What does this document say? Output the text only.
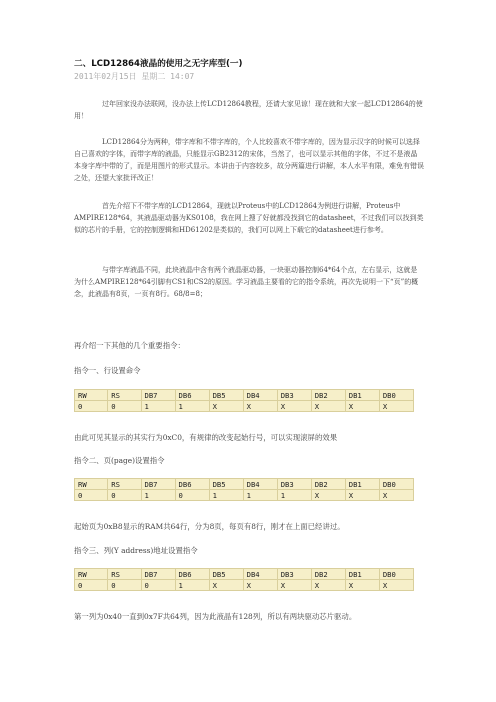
二、LCD12864液晶的使用之无字库型(一)
2011年02月15日 星期二 14:07
过年回家没办法联网，没办法上传LCD12864教程，还请大家见谅！现在就和大家一起LCD12864的使用！
LCD12864分为两种，带字库和不带字库的，个人比较喜欢不带字库的，因为显示汉字的时候可以选择自己喜欢的字体，而带字库的液晶，只能显示GB2312的宋体，当然了，也可以显示其他的字体，不过不是液晶本身字库中带的了，而是用图片的形式显示。本讲由于内容较多，故分两篇进行讲解，本人水平有限，难免有错误之处，还望大家批评改正！
首先介绍下不带字库的LCD12864，现就以Proteus中的LCD12864为例进行讲解，Proteus中AMPIRE128*64，其液晶驱动器为KS0108，我在网上搜了好就都没找到它的datasheet，不过我们可以找到类似的芯片的手册，它的控制逻辑和HD61202是类似的，我们可以网上下载它的datasheet进行参考。
与带字库液晶不同，此块液晶中含有两个液晶驱动器，一块驱动器控制64*64个点，左右显示，这就是为什么AMPIRE128*64引脚有CS1和CS2的原因。学习液晶主要看的它的指令系统，再次先说明一下“页”的概念，此液晶有8页，一页有8行。68/8=8；
再介绍一下其他的几个重要指令：
指令一、行设置命令
RW	RS	DB7	DB6	DB5	DB4	DB3	DB2	DB1	DB0
0	0	1	1	X	X	X	X	X	X
由此可见其显示的其实行为0xC0，有规律的改变起始行号，可以实现滚屏的效果
指令二、页(page)设置指令
RW	RS	DB7	DB6	DB5	DB4	DB3	DB2	DB1	DB0
0	0	1	0	1	1	1	X	X	X
起始页为0xB8显示的RAM共64行，分为8页，每页有8行，刚才在上面已经讲过。
指令三、列(Y address)地址设置指令
RW	RS	DB7	DB6	DB5	DB4	DB3	DB2	DB1	DB0
0	0	0	1	X	X	X	X	X	X
第一列为0x40一直到0x7F共64列，因为此液晶有128列，所以有两块驱动芯片驱动。
